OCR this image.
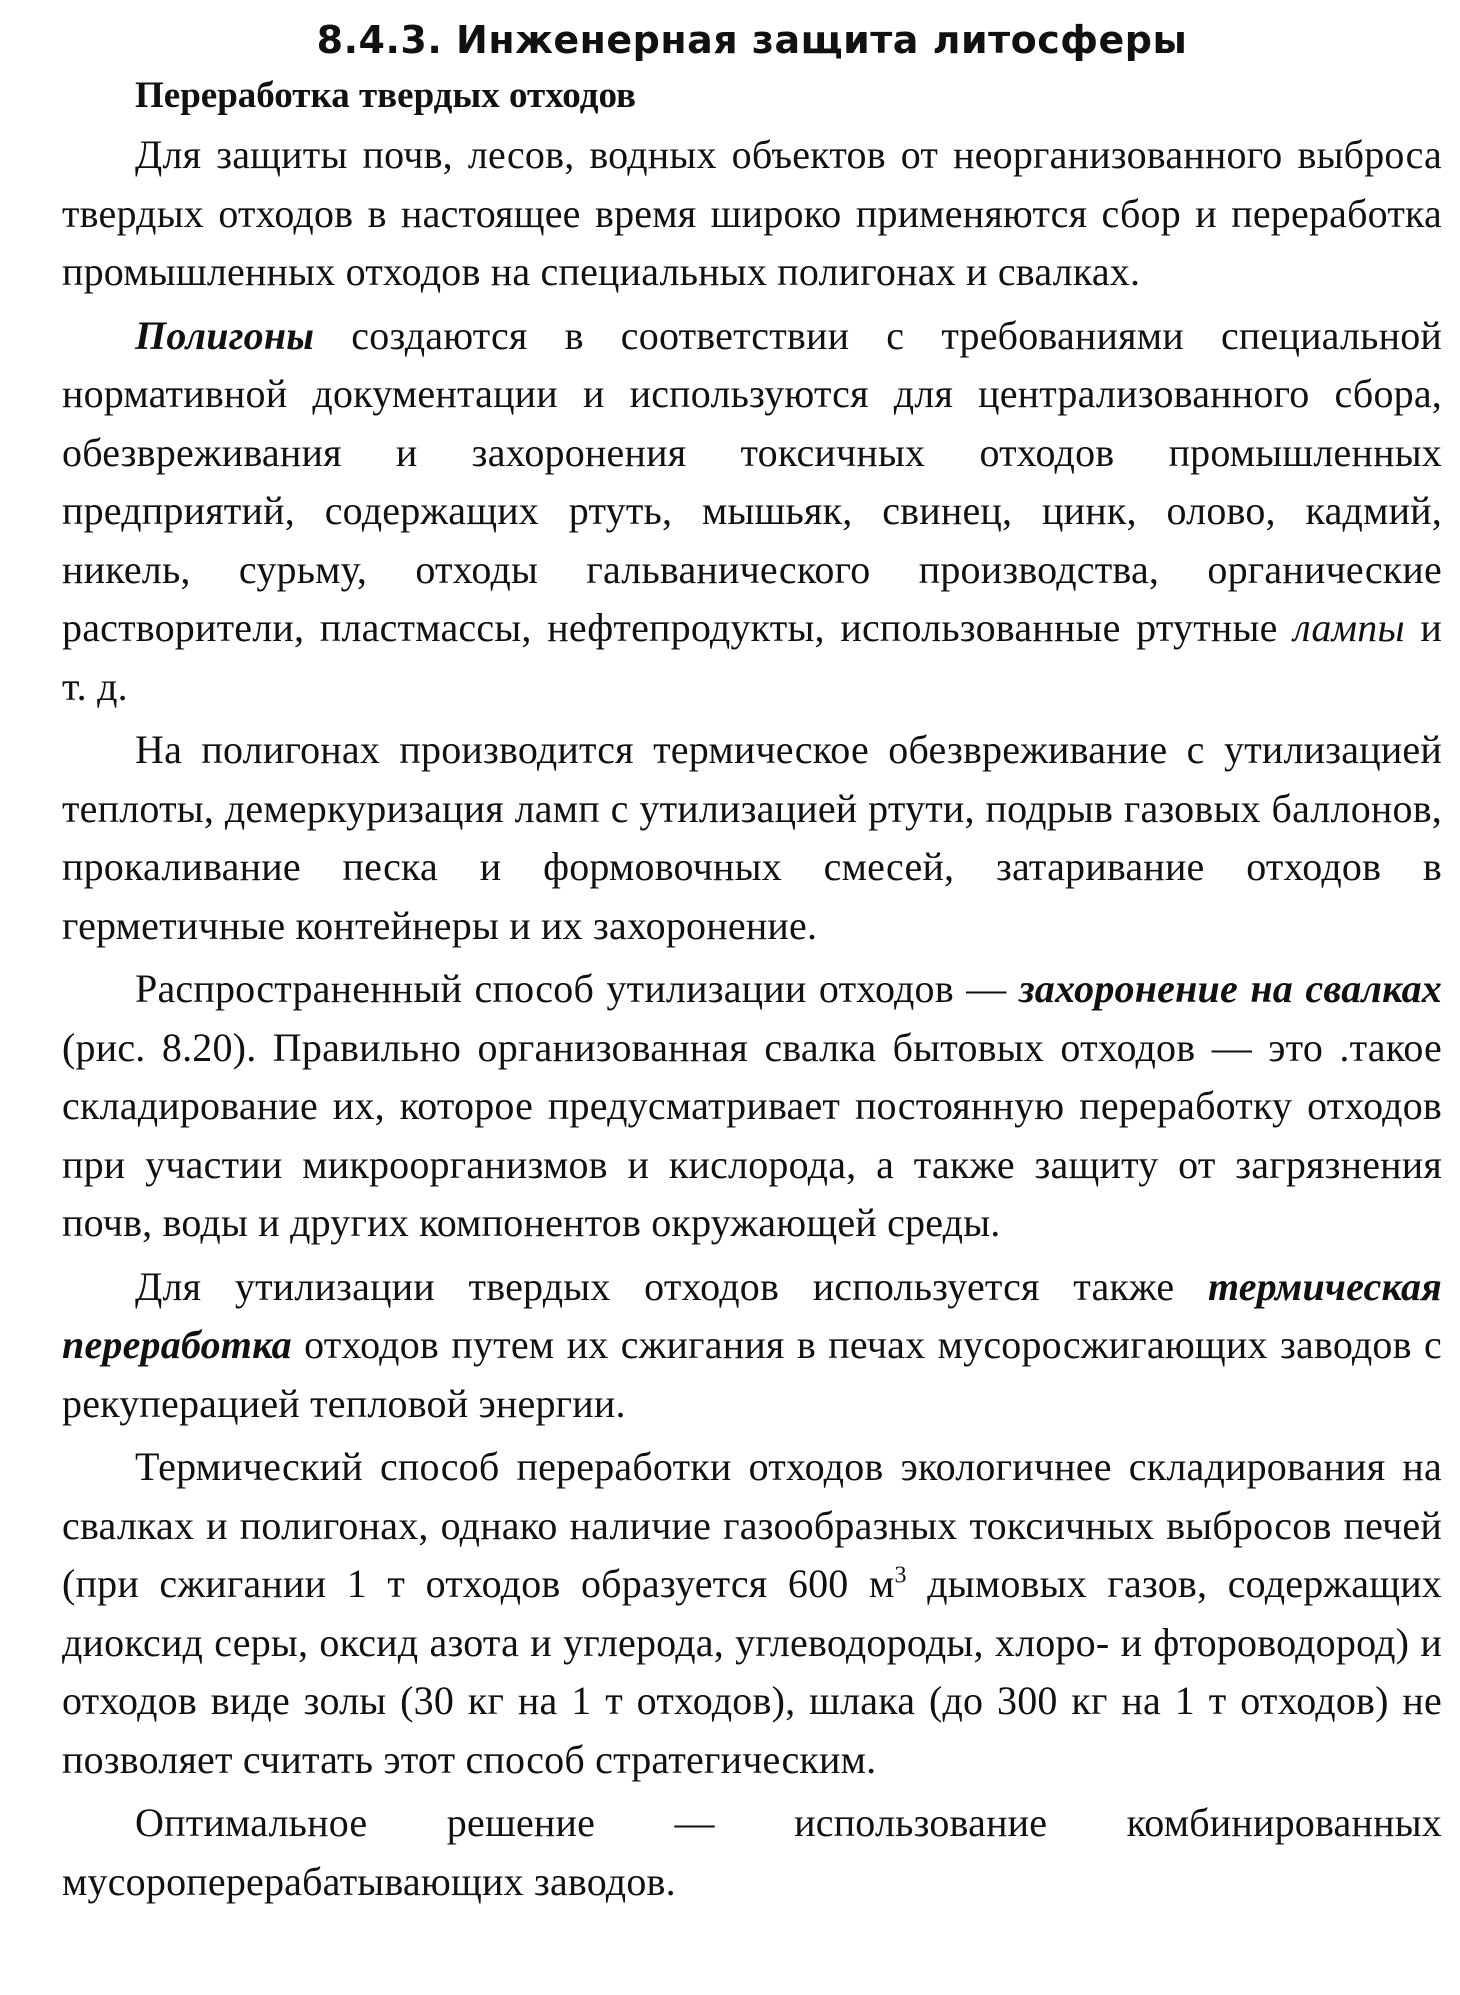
8.4.3. Инженерная защита литосферы
Переработка твердых отходов

Для защиты почв, лесов, водных объектов от неорганизованного выброса твердых отходов в настоящее время широко применяются сбор и переработка промышленных отходов на специальных полигонах и свалках.

Полигоны создаются в соответствии с требованиями специальной нормативной документации и используются для централизованного сбора, обезвреживания и захоронения токсичных отходов промышленных предприятий, содержащих ртуть, мышьяк, свинец, цинк, олово, кадмий, никель, сурьму, отходы гальванического производства, органические растворители, пластмассы, нефтепродукты, использованные ртутные лампы и т. д.

На полигонах производится термическое обезвреживание с утилизацией теплоты, демеркуризация ламп с утилизацией ртути, подрыв газовых баллонов, прокаливание песка и формовочных смесей, затаривание отходов в герметичные контейнеры и их захоронение.

Распространенный способ утилизации отходов — захоронение на свалках (рис. 8.20). Правильно организованная свалка бытовых отходов — это .такое складирование их, которое предусматривает постоянную переработку отходов при участии микроорганизмов и кислорода, а также защиту от загрязнения почв, воды и других компонентов окружающей среды.

Для утилизации твердых отходов используется также термическая переработка отходов путем их сжигания в печах мусоросжигающих заводов с рекуперацией тепловой энергии.

Термический способ переработки отходов экологичнее складирования на свалках и полигонах, однако наличие газообразных токсичных выбросов печей (при сжигании 1 т отходов образуется 600 $м^3$ дымовых газов, содержащих диоксид серы, оксид азота и углерода, углеводороды, хлоро- и фтороводород) и отходов виде золы (30 кг на 1 т отходов), шлака (до 300 кг на 1 т отходов) не позволяет считать этот способ стратегическим.

Оптимальное решение — использование комбинированных мусороперерабатывающих заводов.
